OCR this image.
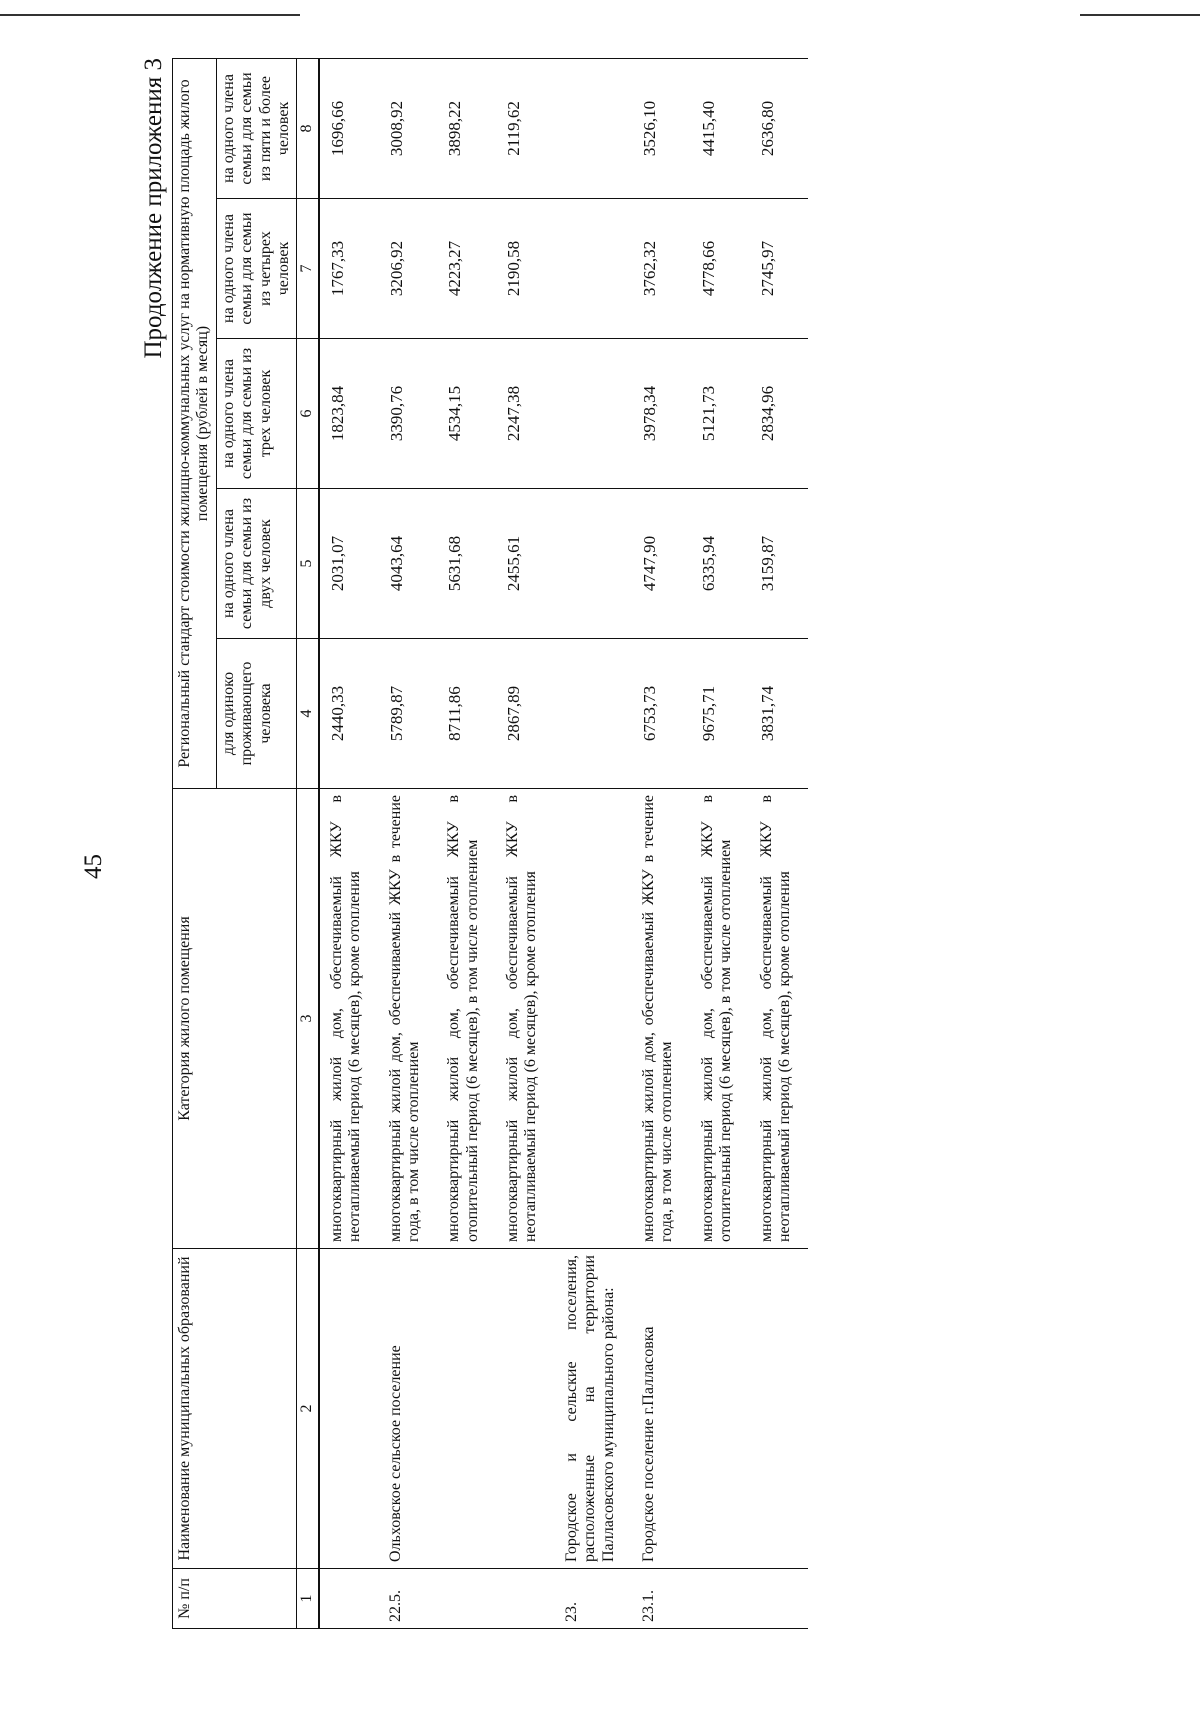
45
Продолжение приложения 3
№ п/п	Наименование муниципальных образований	Категория жилого помещения	Региональный стандарт стоимости жилищно-коммунальных услуг на нормативную площадь жилого помещения (рублей в месяц)				
			для одиноко проживающего человека	на одного члена семьи для семьи из двух человек	на одного члена семьи для семьи из трех человек	на одного члена семьи для семьи из четырех человек	на одного члена семьи для семьи из пяти и более человек
1	2	3	4	5	6	7	8
		многоквартирный жилой дом, обеспечиваемый ЖКУ в неотапливаемый период (6 месяцев), кроме отопления	2440,33	2031,07	1823,84	1767,33	1696,66
22.5.	Ольховское сельское поселение	многоквартирный жилой дом, обеспечиваемый ЖКУ в течение года, в том числе отоплением	5789,87	4043,64	3390,76	3206,92	3008,92
		многоквартирный жилой дом, обеспечиваемый ЖКУ в отопительный период (6 месяцев), в том числе отоплением	8711,86	5631,68	4534,15	4223,27	3898,22
		многоквартирный жилой дом, обеспечиваемый ЖКУ в неотапливаемый период (6 месяцев), кроме отопления	2867,89	2455,61	2247,38	2190,58	2119,62
23.	Городское и сельские поселения, расположенные на территории Палласовского муниципального района:						
23.1.	Городское поселение г.Палласовка	многоквартирный жилой дом, обеспечиваемый ЖКУ в течение года, в том числе отоплением	6753,73	4747,90	3978,34	3762,32	3526,10
		многоквартирный жилой дом, обеспечиваемый ЖКУ в отопительный период (6 месяцев), в том числе отоплением	9675,71	6335,94	5121,73	4778,66	4415,40
		многоквартирный жилой дом, обеспечиваемый ЖКУ в неотапливаемый период (6 месяцев), кроме отопления	3831,74	3159,87	2834,96	2745,97	2636,80
